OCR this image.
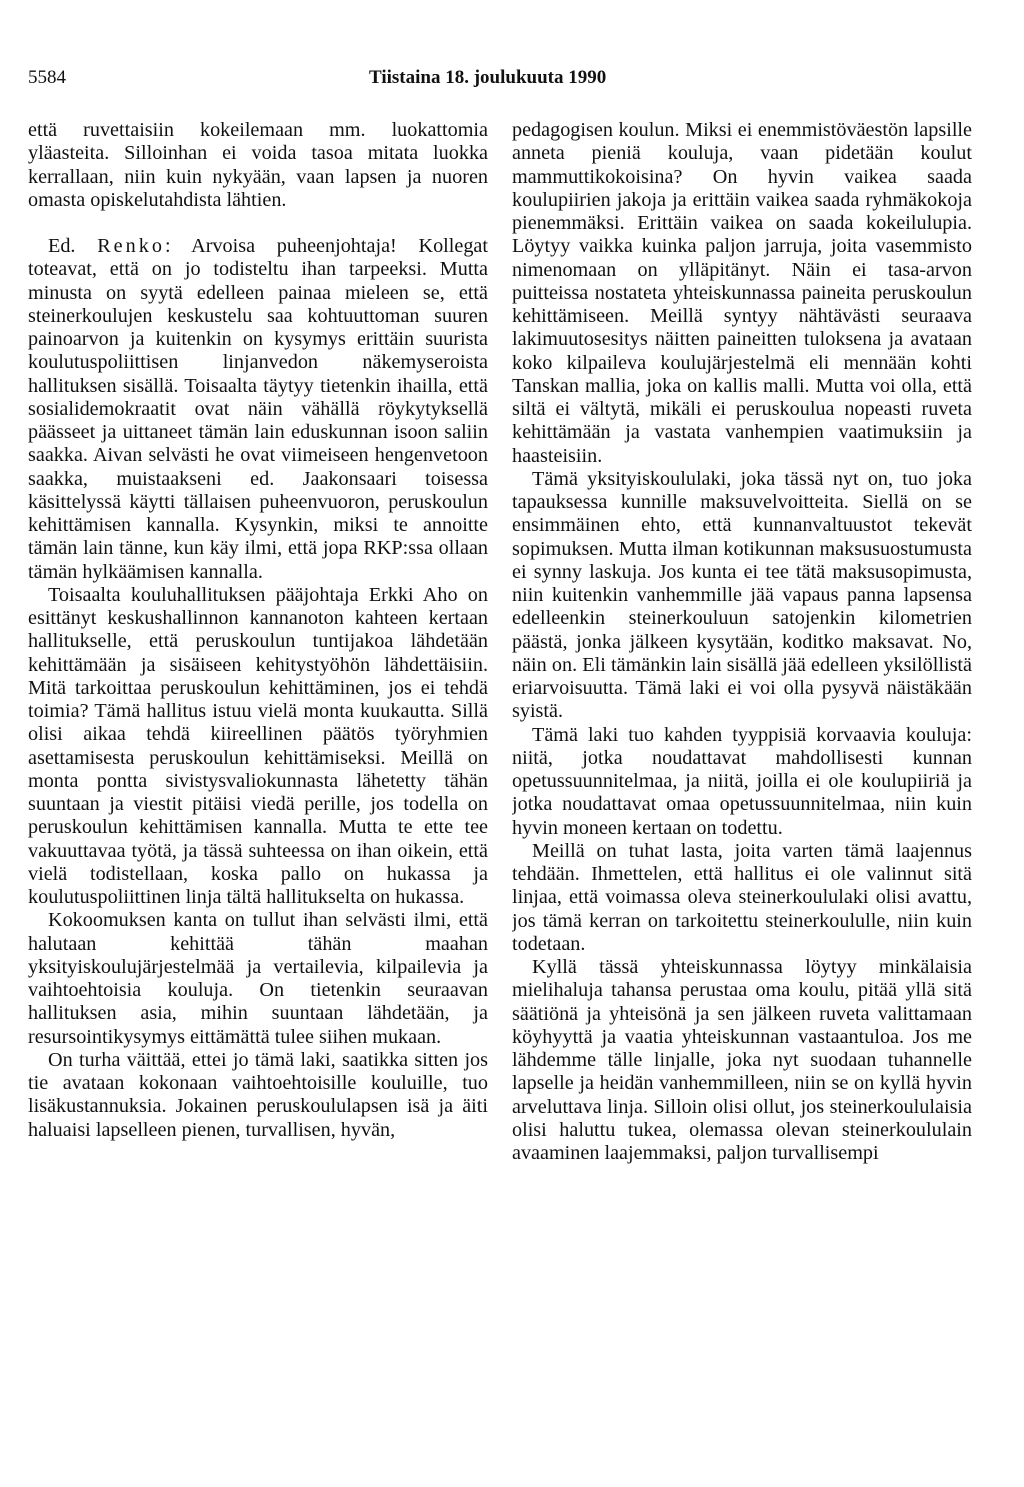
5584	Tiistaina 18. joulukuuta 1990

että ruvettaisiin kokeilemaan mm. luokattomia yläasteita. Silloinhan ei voida tasoa mitata luokka kerrallaan, niin kuin nykyään, vaan lapsen ja nuoren omasta opiskelutahdista lähtien.

Ed. Renko: Arvoisa puheenjohtaja! Kollegat toteavat, että on jo todisteltu ihan tarpeeksi. Mutta minusta on syytä edelleen painaa mieleen se, että steinerkoulujen keskustelu saa kohtuuttoman suuren painoarvon ja kuitenkin on kysymys erittäin suurista koulutuspoliittisen linjanvedon näkemyseroista hallituksen sisällä. Toisaalta täytyy tietenkin ihailla, että sosialidemokraatit ovat näin vähällä röykytyksellä päässeet ja uittaneet tämän lain eduskunnan isoon saliin saakka. Aivan selvästi he ovat viimeiseen hengenvetoon saakka, muistaakseni ed. Jaakonsaari toisessa käsittelyssä käytti tällaisen puheenvuoron, peruskoulun kehittämisen kannalla. Kysynkin, miksi te annoitte tämän lain tänne, kun käy ilmi, että jopa RKP:ssa ollaan tämän hylkäämisen kannalla.

Toisaalta kouluhallituksen pääjohtaja Erkki Aho on esittänyt keskushallinnon kannanoton kahteen kertaan hallitukselle, että peruskoulun tuntijakoa lähdetään kehittämään ja sisäiseen kehitystyöhön lähdettäisiin. Mitä tarkoittaa peruskoulun kehittäminen, jos ei tehdä toimia? Tämä hallitus istuu vielä monta kuukautta. Sillä olisi aikaa tehdä kiireellinen päätös työryhmien asettamisesta peruskoulun kehittämiseksi. Meillä on monta pontta sivistysvaliokunnasta lähetetty tähän suuntaan ja viestit pitäisi viedä perille, jos todella on peruskoulun kehittämisen kannalla. Mutta te ette tee vakuuttavaa työtä, ja tässä suhteessa on ihan oikein, että vielä todistellaan, koska pallo on hukassa ja koulutuspoliittinen linja tältä hallitukselta on hukassa.

Kokoomuksen kanta on tullut ihan selvästi ilmi, että halutaan kehittää tähän maahan yksityiskoulujärjestelmää ja vertailevia, kilpailevia ja vaihtoehtoisia kouluja. On tietenkin seuraavan hallituksen asia, mihin suuntaan lähdetään, ja resursointikysymys eittämättä tulee siihen mukaan.

On turha väittää, ettei jo tämä laki, saatikka sitten jos tie avataan kokonaan vaihtoehtoisille kouluille, tuo lisäkustannuksia. Jokainen peruskoululapsen isä ja äiti haluaisi lapselleen pienen, turvallisen, hyvän,

pedagogisen koulun. Miksi ei enemmistöväestön lapsille anneta pieniä kouluja, vaan pidetään koulut mammuttikokoisina? On hyvin vaikea saada koulupiirien jakoja ja erittäin vaikea saada ryhmäkokoja pienemmäksi. Erittäin vaikea on saada kokeilulupia. Löytyy vaikka kuinka paljon jarruja, joita vasemmisto nimenomaan on ylläpitänyt. Näin ei tasa-arvon puitteissa nostateta yhteiskunnassa paineita peruskoulun kehittämiseen. Meillä syntyy nähtävästi seuraava lakimuutosesitys näitten paineitten tuloksena ja avataan koko kilpaileva koulujärjestelmä eli mennään kohti Tanskan mallia, joka on kallis malli. Mutta voi olla, että siltä ei vältytä, mikäli ei peruskoulua nopeasti ruveta kehittämään ja vastata vanhempien vaatimuksiin ja haasteisiin.

Tämä yksityiskoululaki, joka tässä nyt on, tuo joka tapauksessa kunnille maksuvelvoitteita. Siellä on se ensimmäinen ehto, että kunnanvaltuustot tekevät sopimuksen. Mutta ilman kotikunnan maksusuostumusta ei synny laskuja. Jos kunta ei tee tätä maksusopimusta, niin kuitenkin vanhemmille jää vapaus panna lapsensa edelleenkin steinerkouluun satojenkin kilometrien päästä, jonka jälkeen kysytään, koditko maksavat. No, näin on. Eli tämänkin lain sisällä jää edelleen yksilöllistä eriarvoisuutta. Tämä laki ei voi olla pysyvä näistäkään syistä.

Tämä laki tuo kahden tyyppisiä korvaavia kouluja: niitä, jotka noudattavat mahdollisesti kunnan opetussuunnitelmaa, ja niitä, joilla ei ole koulupiiriä ja jotka noudattavat omaa opetussuunnitelmaa, niin kuin hyvin moneen kertaan on todettu.

Meillä on tuhat lasta, joita varten tämä laajennus tehdään. Ihmettelen, että hallitus ei ole valinnut sitä linjaa, että voimassa oleva steinerkoululaki olisi avattu, jos tämä kerran on tarkoitettu steinerkoululle, niin kuin todetaan.

Kyllä tässä yhteiskunnassa löytyy minkälaisia mielihaluja tahansa perustaa oma koulu, pitää yllä sitä säätiönä ja yhteisönä ja sen jälkeen ruveta valittamaan köyhyyttä ja vaatia yhteiskunnan vastaantuloa. Jos me lähdemme tälle linjalle, joka nyt suodaan tuhannelle lapselle ja heidän vanhemmilleen, niin se on kyllä hyvin arveluttava linja. Silloin olisi ollut, jos steinerkoululaisia olisi haluttu tukea, olemassa olevan steinerkoululain avaaminen laajemmaksi, paljon turvallisempi
